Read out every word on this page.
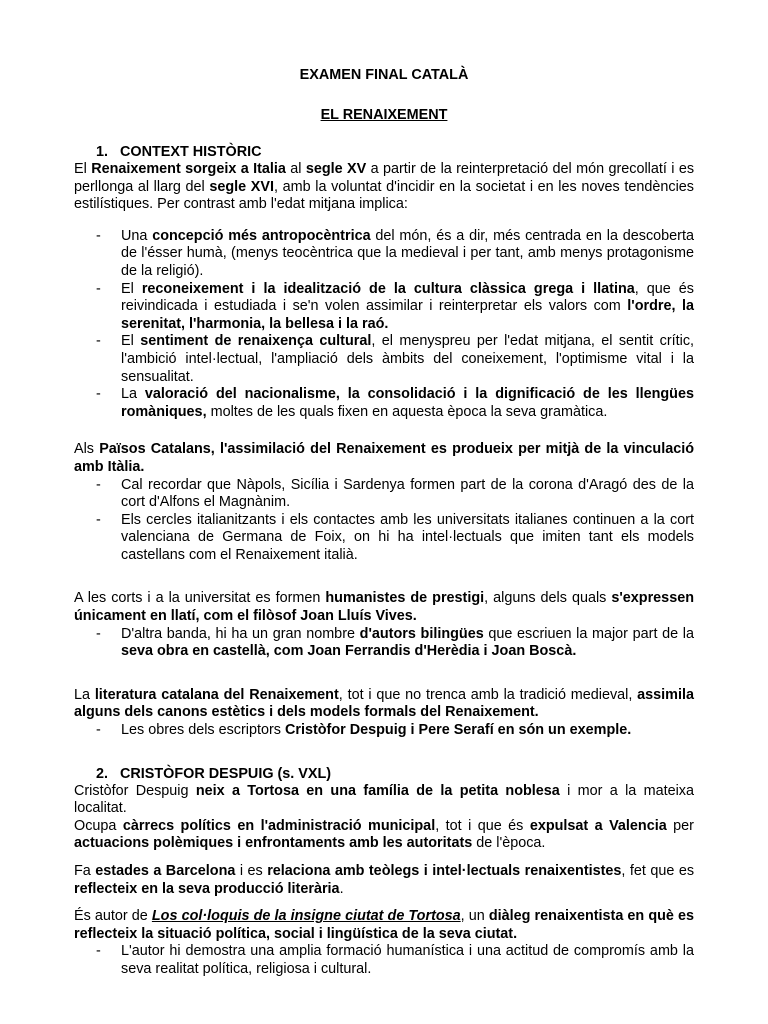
EXAMEN FINAL CATALÀ
EL RENAIXEMENT
1. CONTEXT HISTÒRIC

El Renaixement sorgeix a Italia al segle XV a partir de la reinterpretació del món grecollatí i es perllonga al llarg del segle XVI, amb la voluntat d'incidir en la societat i en les noves tendències estilístiques. Per contrast amb l'edat mitjana implica:

- Una concepció més antropocèntrica del món, és a dir, més centrada en la descoberta de l'ésser humà, (menys teocèntrica que la medieval i per tant, amb menys protagonisme de la religió).
- El reconeixement i la idealització de la cultura clàssica grega i llatina, que és reivindicada i estudiada i se'n volen assimilar i reinterpretar els valors com l'ordre, la serenitat, l'harmonia, la bellesa i la raó.
- El sentiment de renaixença cultural, el menyspreu per l'edat mitjana, el sentit crític, l'ambició intel·lectual, l'ampliació dels àmbits del coneixement, l'optimisme vital i la sensualitat.
- La valoració del nacionalisme, la consolidació i la dignificació de les llengües romàniques, moltes de les quals fixen en aquesta època la seva gramàtica.

Als Països Catalans, l'assimilació del Renaixement es produeix per mitjà de la vinculació amb Itàlia.

- Cal recordar que Nàpols, Sicília i Sardenya formen part de la corona d'Aragó des de la cort d'Alfons el Magnànim.
- Els cercles italianitzants i els contactes amb les universitats italianes continuen a la cort valenciana de Germana de Foix, on hi ha intel·lectuals que imiten tant els models castellans com el Renaixement italià.

A les corts i a la universitat es formen humanistes de prestigi, alguns dels quals s'expressen únicament en llatí, com el filòsof Joan Lluís Vives.

- D'altra banda, hi ha un gran nombre d'autors bilingües que escriuen la major part de la seva obra en castellà, com Joan Ferrandis d'Herèdia i Joan Boscà.

La literatura catalana del Renaixement, tot i que no trenca amb la tradició medieval, assimila alguns dels canons estètics i dels models formals del Renaixement.

- Les obres dels escriptors Cristòfor Despuig i Pere Serafí en són un exemple.
2. CRISTÒFOR DESPUIG (s. VXL)

Cristòfor Despuig neix a Tortosa en una família de la petita noblesa i mor a la mateixa localitat.

Ocupa càrrecs polítics en l'administració municipal, tot i que és expulsat a Valencia per actuacions polèmiques i enfrontaments amb les autoritats de l'època.

Fa estades a Barcelona i es relaciona amb teòlegs i intel·lectuals renaixentistes, fet que es reflecteix en la seva producció literària.

És autor de Los col·loquis de la insigne ciutat de Tortosa, un diàleg renaixentista en què es reflecteix la situació política, social i lingüística de la seva ciutat.

- L'autor hi demostra una amplia formació humanística i una actitud de compromís amb la seva realitat política, religiosa i cultural.
